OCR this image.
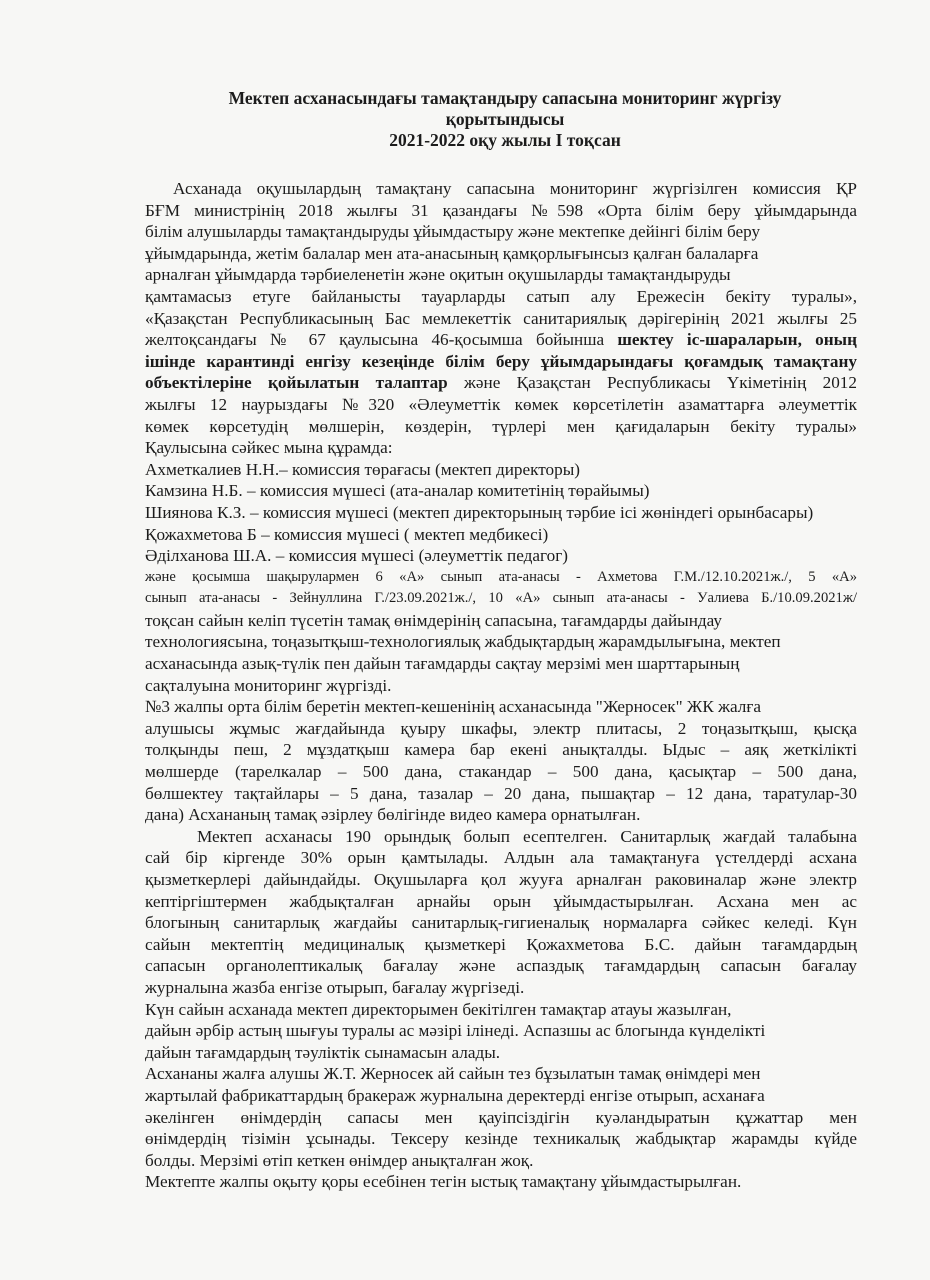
Мектеп асханасындағы тамақтандыру сапасына мониторинг жүргізу
қорытындысы
2021-2022 оқу жылы І тоқсан
Асханада оқушылардың тамақтану сапасына мониторинг жүргізілген комиссия ҚР
БҒМ министрінің 2018 жылғы 31 қазандағы №598 «Орта білім беру ұйымдарында
білім алушыларды тамақтандыруды ұйымдастыру және мектепке дейінгі білім беру
ұйымдарында, жетім балалар мен ата-анасының қамқорлығынсыз қалған балаларға
арналған ұйымдарда тәрбиеленетін және оқитын оқушыларды тамақтандыруды
қамтамасыз етуге байланысты тауарларды сатып алу Ережесін бекіту туралы»,
«Қазақстан Республикасының Бас мемлекеттік санитариялық дәрігерінің 2021 жылғы 25
желтоқсандағы № 67 қаулысына 46-қосымша бойынша шектеу іс-шараларын, оның
ішінде карантинді енгізу кезеңінде білім беру ұйымдарындағы қоғамдық тамақтану
объектілеріне қойылатын талаптар және Қазақстан Республикасы Үкіметінің 2012
жылғы 12 наурыздағы №320 «Әлеуметтік көмек көрсетілетін азаматтарға әлеуметтік
көмек көрсетудің мөлшерін, көздерін, түрлері мен қағидаларын бекіту туралы»
Қаулысына сәйкес мына құрамда:
Ахметкалиев Н.Н.– комиссия төрағасы (мектеп директоры)
Камзина Н.Б. – комиссия мүшесі (ата-аналар комитетінің төрайымы)
Шиянова К.З. – комиссия мүшесі (мектеп директорының тәрбие ісі жөніндегі орынбасары)
Қожахметова Б – комиссия мүшесі ( мектеп медбикесі)
Әділханова Ш.А. – комиссия мүшесі (әлеуметтік педагог)
және қосымша шақырулармен 6 «А» сынып ата-анасы - Ахметова Г.М./12.10.2021ж./, 5 «А»
сынып ата-анасы - Зейнуллина Г./23.09.2021ж./, 10 «А» сынып ата-анасы - Уалиева Б./10.09.2021ж/
тоқсан сайын келіп түсетін тамақ өнімдерінің сапасына, тағамдарды дайындау
технологиясына, тоңазытқыш-технологиялық жабдықтардың жарамдылығына, мектеп
асханасында азық-түлік пен дайын тағамдарды сақтау мерзімі мен шарттарының
сақталуына мониторинг жүргізді.
№3 жалпы орта білім беретін мектеп-кешенінің асханасында "Жерносек" ЖК жалға
алушысы жұмыс жағдайында қуыру шкафы, электр плитасы, 2 тоңазытқыш, қысқа
толқынды пеш, 2 мұздатқыш камера бар екені анықталды. Ыдыс – аяқ жеткілікті
мөлшерде (тарелкалар – 500 дана, стакандар – 500 дана, қасықтар – 500 дана,
бөлшектеу тақтайлары – 5 дана, тазалар – 20 дана, пышақтар – 12 дана, таратулар-30
дана) Асхананың тамақ әзірлеу бөлігінде видео камера орнатылған.
Мектеп асханасы 190 орындық болып есептелген. Санитарлық жағдай талабына
сай бір кіргенде 30% орын қамтылады. Алдын ала тамақтануға үстелдерді асхана
қызметкерлері дайындайды. Оқушыларға қол жууға арналған раковиналар және электр
кептіргіштермен жабдықталған арнайы орын ұйымдастырылған. Асхана мен ас
блогының санитарлық жағдайы санитарлық-гигиеналық нормаларға сәйкес келеді. Күн
сайын мектептің медициналық қызметкері Қожахметова Б.С. дайын тағамдардың
сапасын органолептикалық бағалау және аспаздық тағамдардың сапасын бағалау
журналына жазба енгізе отырып, бағалау жүргізеді.
Күн сайын асханада мектеп директорымен бекітілген тамақтар атауы жазылған,
дайын әрбір астың шығуы туралы ас мәзірі ілінеді. Аспазшы ас блогында күнделікті
дайын тағамдардың тәуліктік сынамасын алады.
Асхананы жалға алушы Ж.Т. Жерносек ай сайын тез бұзылатын тамақ өнімдері мен
жартылай фабрикаттардың бракераж журналына деректерді енгізе отырып, асханаға
әкелінген өнімдердің сапасы мен қауіпсіздігін куәландыратын құжаттар мен
өнімдердің тізімін ұсынады. Тексеру кезінде техникалық жабдықтар жарамды күйде
болды. Мерзімі өтіп кеткен өнімдер анықталған жоқ.
Мектепте жалпы оқыту қоры есебінен тегін ыстық тамақтану ұйымдастырылған.
